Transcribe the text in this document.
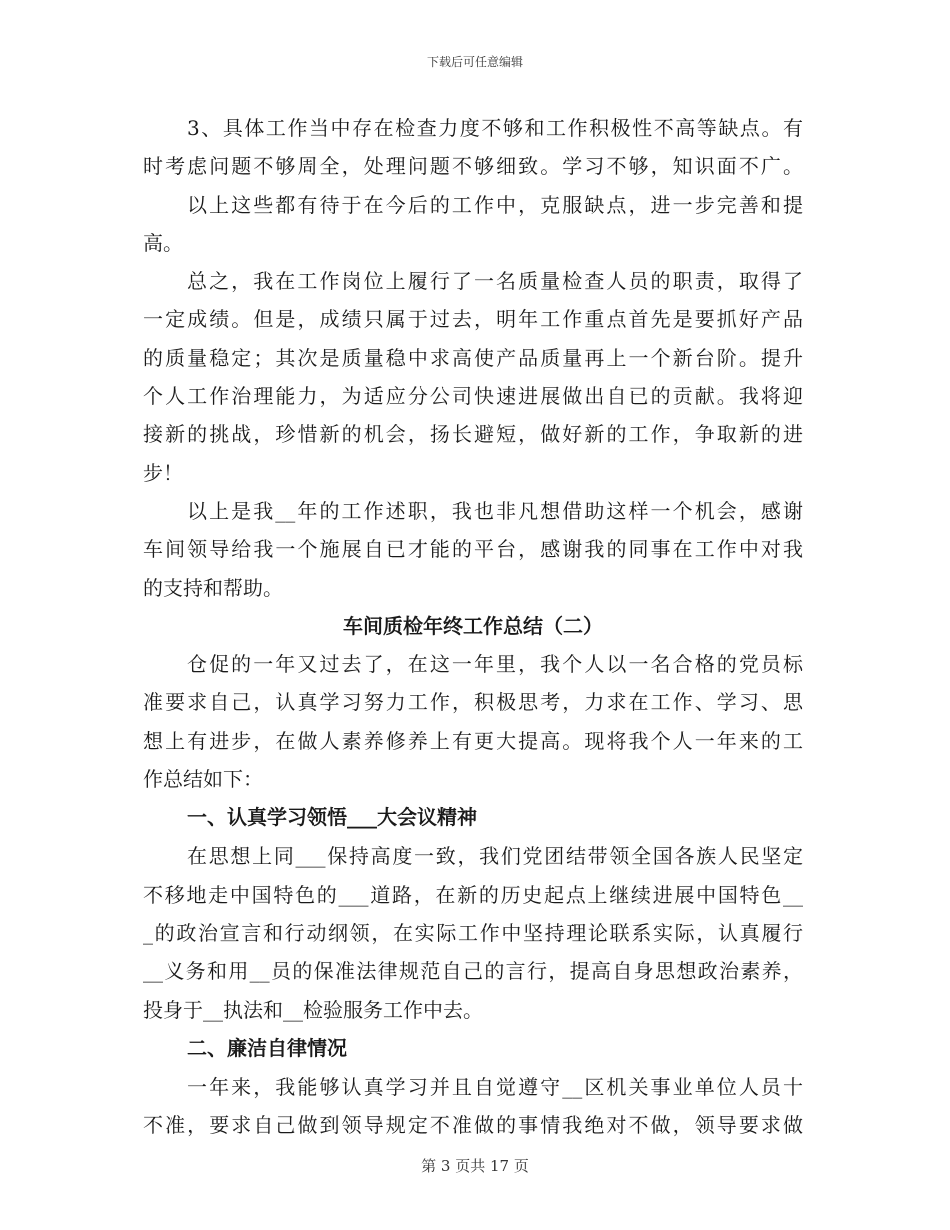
下载后可任意编辑
3、具体工作当中存在检查力度不够和工作积极性不高等缺点。有
时考虑问题不够周全，处理问题不够细致。学习不够，知识面不广。
以上这些都有待于在今后的工作中，克服缺点，进一步完善和提
高。
总之，我在工作岗位上履行了一名质量检查人员的职责，取得了
一定成绩。但是，成绩只属于过去，明年工作重点首先是要抓好产品
的质量稳定；其次是质量稳中求高使产品质量再上一个新台阶。提升
个人工作治理能力，为适应分公司快速进展做出自已的贡献。我将迎
接新的挑战，珍惜新的机会，扬长避短，做好新的工作，争取新的进
步！
以上是我__年的工作述职，我也非凡想借助这样一个机会，感谢
车间领导给我一个施展自已才能的平台，感谢我的同事在工作中对我
的支持和帮助。
车间质检年终工作总结（二）
仓促的一年又过去了，在这一年里，我个人以一名合格的党员标
准要求自己，认真学习努力工作，积极思考，力求在工作、学习、思
想上有进步，在做人素养修养上有更大提高。现将我个人一年来的工
作总结如下：
一、认真学习领悟___大会议精神
在思想上同___保持高度一致，我们党团结带领全国各族人民坚定
不移地走中国特色的___道路，在新的历史起点上继续进展中国特色__
_的政治宣言和行动纲领，在实际工作中坚持理论联系实际，认真履行
__义务和用__员的保准法律规范自己的言行，提高自身思想政治素养，
投身于__执法和__检验服务工作中去。
二、廉洁自律情况
一年来，我能够认真学习并且自觉遵守__区机关事业单位人员十
不准，要求自己做到领导规定不准做的事情我绝对不做，领导要求做
第 3 页共 17 页
